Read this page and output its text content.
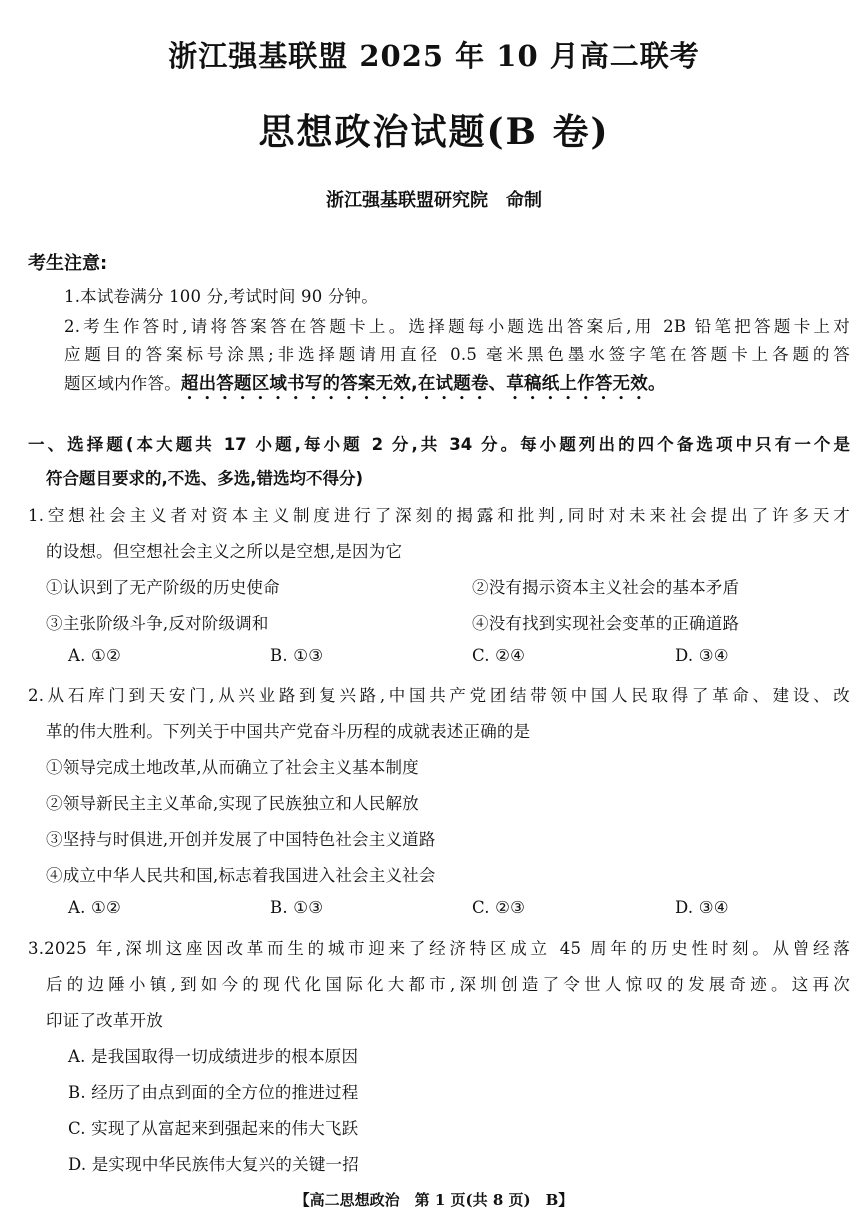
浙江强基联盟 2025 年 10 月高二联考
思想政治试题(B 卷)
浙江强基联盟研究院　命制
考生注意:
1.本试卷满分 100 分,考试时间 90 分钟。
2.考生作答时,请将答案答在答题卡上。选择题每小题选出答案后,用 2B 铅笔把答题卡上对
应题目的答案标号涂黑;非选择题请用直径 0.5 毫米黑色墨水签字笔在答题卡上各题的答
题区域内作答。超出答题区域书写的答案无效,在试题卷、草稿纸上作答无效。
一、选择题(本大题共 17 小题,每小题 2 分,共 34 分。每小题列出的四个备选项中只有一个是
符合题目要求的,不选、多选,错选均不得分)
1.空想社会主义者对资本主义制度进行了深刻的揭露和批判,同时对未来社会提出了许多天才
的设想。但空想社会主义之所以是空想,是因为它
①认识到了无产阶级的历史使命	②没有揭示资本主义社会的基本矛盾
③主张阶级斗争,反对阶级调和	④没有找到实现社会变革的正确道路
A. ①②	B. ①③	C. ②④	D. ③④
2.从石库门到天安门,从兴业路到复兴路,中国共产党团结带领中国人民取得了革命、建设、改
革的伟大胜利。下列关于中国共产党奋斗历程的成就表述正确的是
①领导完成土地改革,从而确立了社会主义基本制度
②领导新民主主义革命,实现了民族独立和人民解放
③坚持与时俱进,开创并发展了中国特色社会主义道路
④成立中华人民共和国,标志着我国进入社会主义社会
A. ①②	B. ①③	C. ②③	D. ③④
3.2025 年,深圳这座因改革而生的城市迎来了经济特区成立 45 周年的历史性时刻。从曾经落
后的边陲小镇,到如今的现代化国际化大都市,深圳创造了令世人惊叹的发展奇迹。这再次
印证了改革开放
A. 是我国取得一切成绩进步的根本原因
B. 经历了由点到面的全方位的推进过程
C. 实现了从富起来到强起来的伟大飞跃
D. 是实现中华民族伟大复兴的关键一招
【高二思想政治　第 1 页(共 8 页)　B】
